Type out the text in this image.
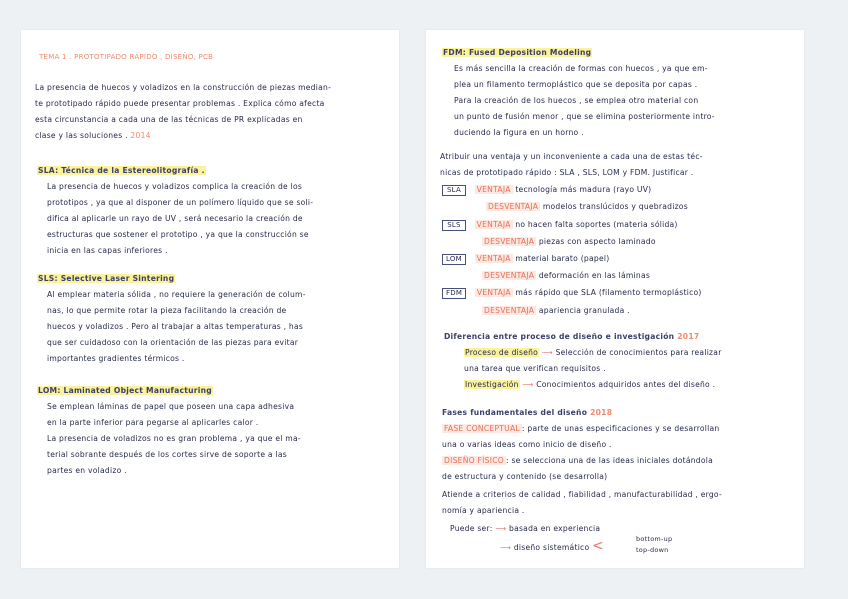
TEMA 1 . PROTOTIPADO RÁPIDO , DISEÑO, PCB
La presencia de huecos y voladizos en la construcción de piezas median-
te prototipado rápido puede presentar problemas . Explica cómo afecta
esta circunstancia a cada una de las técnicas de PR explicadas en
clase y las soluciones . 2014
SLA: Técnica de la Estereolitografía .
La presencia de huecos y voladizos complica la creación de los
prototipos , ya que al disponer de un polímero líquido que se soli-
difica al aplicarle un rayo de UV , será necesario la creación de
estructuras que sostener el prototipo , ya que la construcción se
inicia en las capas inferiores .
SLS: Selective Laser Sintering
Al emplear materia sólida , no requiere la generación de colum-
nas, lo que permite rotar la pieza facilitando la creación de
huecos y voladizos . Pero al trabajar a altas temperaturas , has
que ser cuidadoso con la orientación de las piezas para evitar
importantes gradientes térmicos .
LOM: Laminated Object Manufacturing
Se emplean láminas de papel que poseen una capa adhesiva
en la parte inferior para pegarse al aplicarles calor .
La presencia de voladizos no es gran problema , ya que el ma-
terial sobrante después de los cortes sirve de soporte a las
partes en voladizo .
FDM: Fused Deposition Modeling
Es más sencilla la creación de formas con huecos , ya que em-
plea un filamento termoplástico que se deposita por capas .
Para la creación de los huecos , se emplea otro material con
un punto de fusión menor , que se elimina posteriormente intro-
duciendo la figura en un horno .
Atribuir una ventaja y un inconveniente a cada una de estas téc-
nicas de prototipado rápido : SLA , SLS, LOM y FDM. Justificar .
SLA VENTAJA tecnología más madura (rayo UV)
DESVENTAJA modelos translúcidos y quebradizos
SLS VENTAJA no hacen falta soportes (materia sólida)
DESVENTAJA piezas con aspecto laminado
LOM VENTAJA material barato (papel)
DESVENTAJA deformación en las láminas
FDM VENTAJA más rápido que SLA (filamento termoplástico)
DESVENTAJA apariencia granulada .
Diferencia entre proceso de diseño e investigación 2017
Proceso de diseño ⟶ Selección de conocimientos para realizar
una tarea que verifican requisitos .
Investigación ⟶ Conocimientos adquiridos antes del diseño .
Fases fundamentales del diseño 2018
FASE CONCEPTUAL : parte de unas especificaciones y se desarrollan
una o varias ideas como inicio de diseño .
DISEÑO FÍSICO : se selecciona una de las ideas iniciales dotándola
de estructura y contenido (se desarrolla)
Atiende a criterios de calidad , fiabilidad , manufacturabilidad , ergo-
nomía y apariencia .
Puede ser: ⟶ basada en experiencia
⟶ diseño sistemático <	bottom-up
top-down
